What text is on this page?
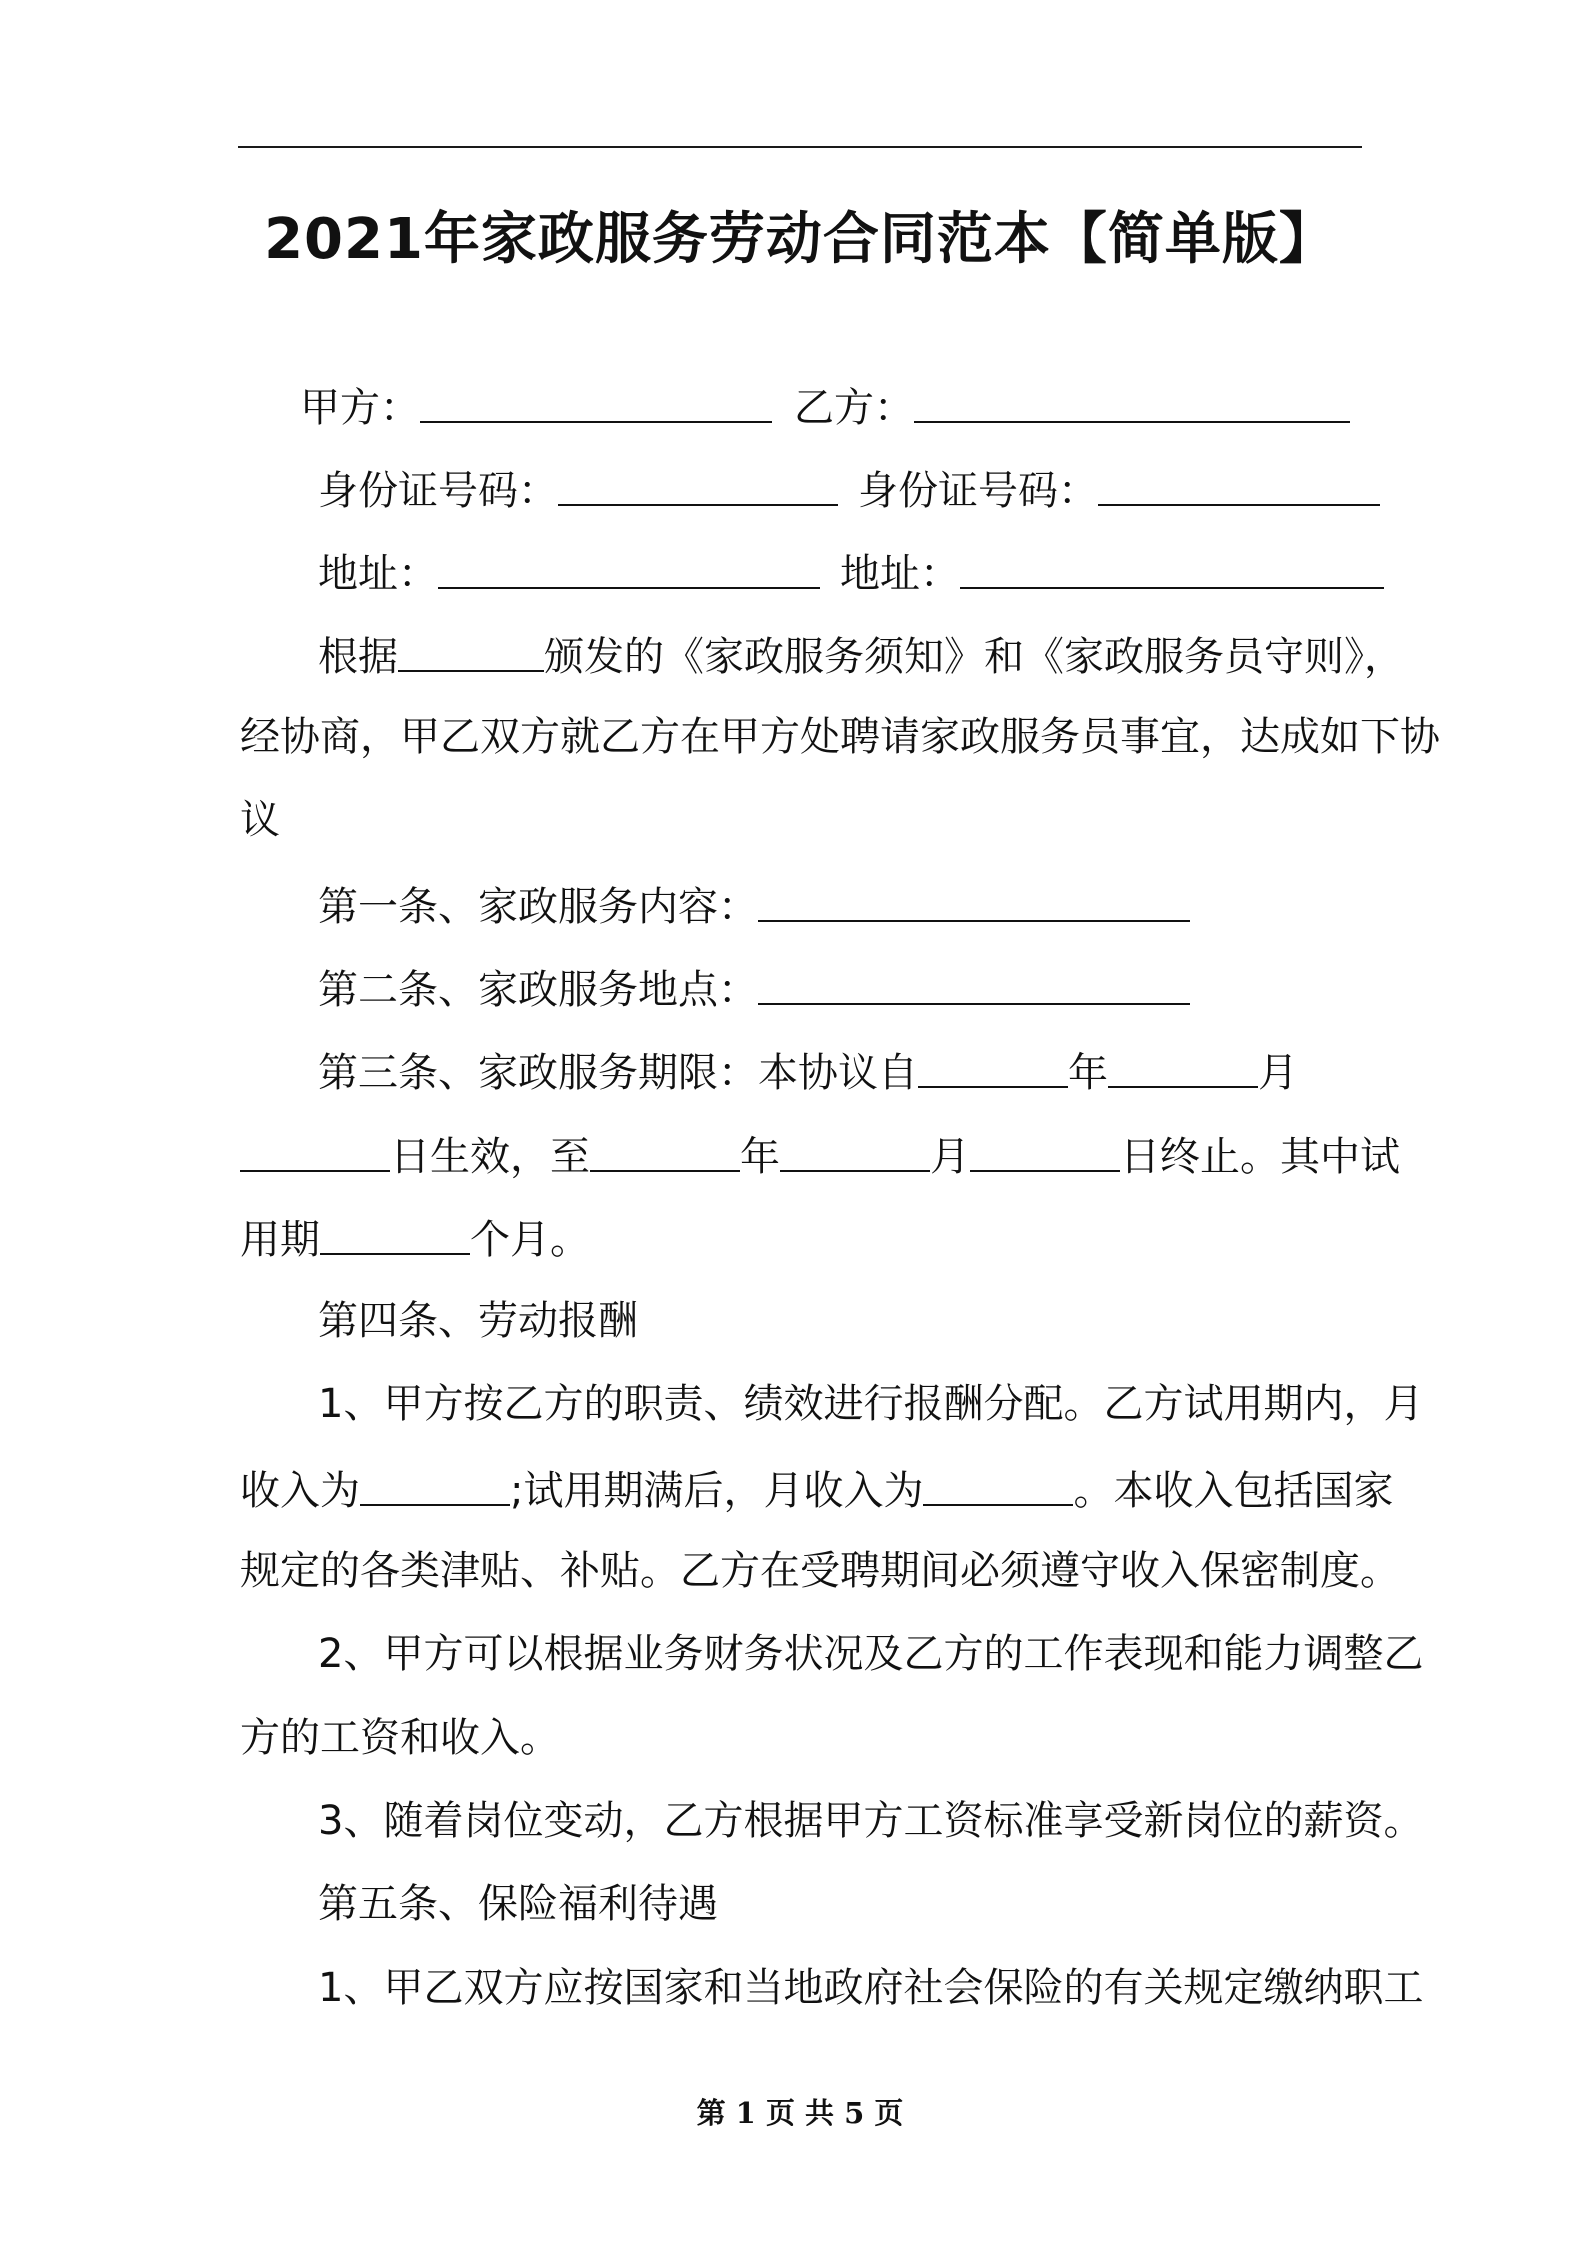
2021年家政服务劳动合同范本【简单版】
甲方：	乙方：
身份证号码：	身份证号码：
地址：	地址：
根据	颁发的《家政服务须知》和《家政服务员守则》，
经协商，甲乙双方就乙方在甲方处聘请家政服务员事宜，达成如下协
议
第一条、家政服务内容：
第二条、家政服务地点：
第三条、家政服务期限：本协议自	年	月
日生效，至	年	月	日终止。其中试
用期	个月。
第四条、劳动报酬
1、甲方按乙方的职责、绩效进行报酬分配。乙方试用期内，月
收入为	;试用期满后，月收入为	。本收入包括国家
规定的各类津贴、补贴。乙方在受聘期间必须遵守收入保密制度。
2、甲方可以根据业务财务状况及乙方的工作表现和能力调整乙
方的工资和收入。
3、随着岗位变动，乙方根据甲方工资标准享受新岗位的薪资。
第五条、保险福利待遇
1、甲乙双方应按国家和当地政府社会保险的有关规定缴纳职工
第 1 页 共 5 页
